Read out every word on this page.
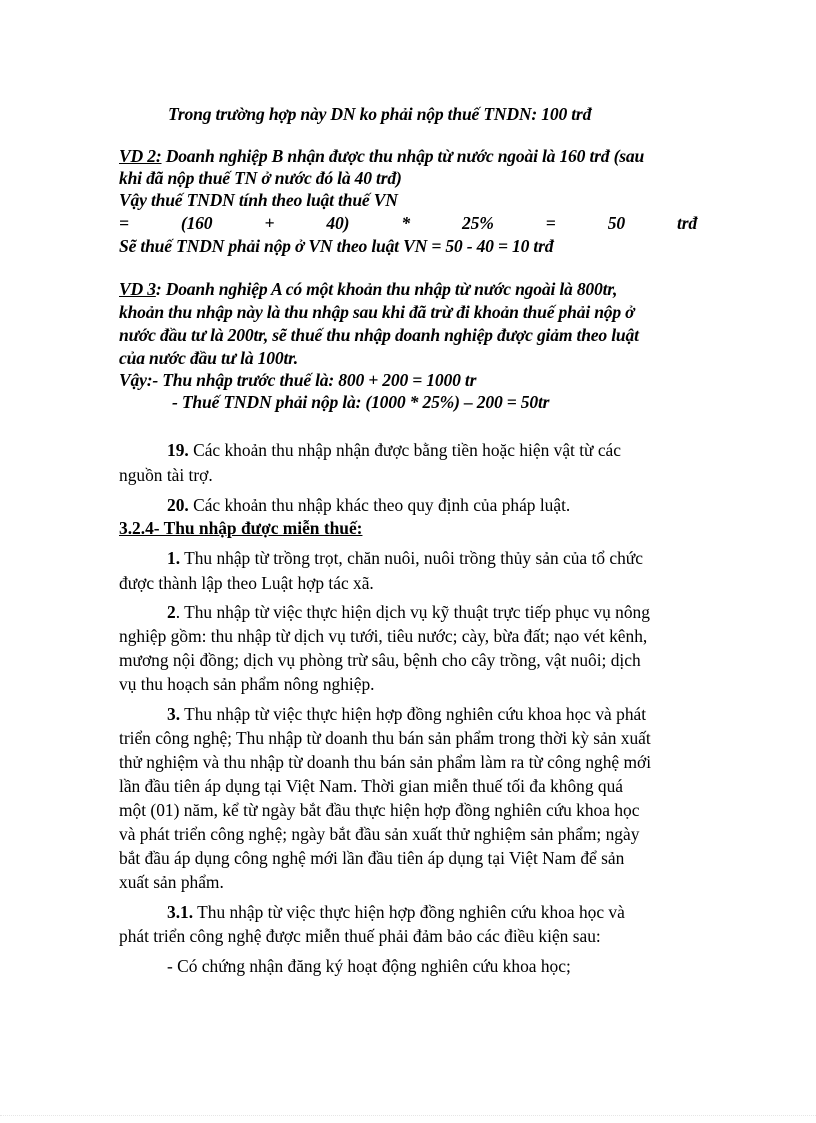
Trong trường hợp này DN ko phải nộp thuế TNDN: 100 trđ
VD 2: Doanh nghiệp B nhận được thu nhập từ nước ngoài là 160 trđ (sau
khi đã nộp thuế TN ở nước đó là 40 trđ)
Vậy thuế TNDN tính theo luật thuế VN
=	(160	+	40)	*	25%	=	50	trđ
Sẽ thuế TNDN phải nộp ở VN theo luật VN = 50 - 40 = 10 trđ
VD 3: Doanh nghiệp A có một khoản thu nhập từ nước ngoài là 800tr,
khoản thu nhập này là thu nhập sau khi đã trừ đi khoản thuế phải nộp ở
nước đầu tư là 200tr, sẽ thuế thu nhập doanh nghiệp được giảm theo luật
của nước đầu tư là 100tr.
Vậy:- Thu nhập trước thuế là: 800 + 200 = 1000 tr
- Thuế TNDN phải nộp là: (1000 * 25%) – 200 = 50tr
19. Các khoản thu nhập nhận được bằng tiền hoặc hiện vật từ các
nguồn tài trợ.
20. Các khoản thu nhập khác theo quy định của pháp luật.
3.2.4- Thu nhập được miễn thuế:
1. Thu nhập từ trồng trọt, chăn nuôi, nuôi trồng thủy sản của tổ chức
được thành lập theo Luật hợp tác xã.
2. Thu nhập từ việc thực hiện dịch vụ kỹ thuật trực tiếp phục vụ nông
nghiệp gồm: thu nhập từ dịch vụ tưới, tiêu nước; cày, bừa đất; nạo vét kênh,
mương nội đồng; dịch vụ phòng trừ sâu, bệnh cho cây trồng, vật nuôi; dịch
vụ thu hoạch sản phẩm nông nghiệp.
3. Thu nhập từ việc thực hiện hợp đồng nghiên cứu khoa học và phát
triển công nghệ; Thu nhập từ doanh thu bán sản phẩm trong thời kỳ sản xuất
thử nghiệm và thu nhập từ doanh thu bán sản phẩm làm ra từ công nghệ mới
lần đầu tiên áp dụng tại Việt Nam. Thời gian miễn thuế tối đa không quá
một (01) năm, kể từ ngày bắt đầu thực hiện hợp đồng nghiên cứu khoa học
và phát triển công nghệ; ngày bắt đầu sản xuất thử nghiệm sản phẩm; ngày
bắt đầu áp dụng công nghệ mới lần đầu tiên áp dụng tại Việt Nam để sản
xuất sản phẩm.
3.1. Thu nhập từ việc thực hiện hợp đồng nghiên cứu khoa học và
phát triển công nghệ được miễn thuế phải đảm bảo các điều kiện sau:
- Có chứng nhận đăng ký hoạt động nghiên cứu khoa học;
